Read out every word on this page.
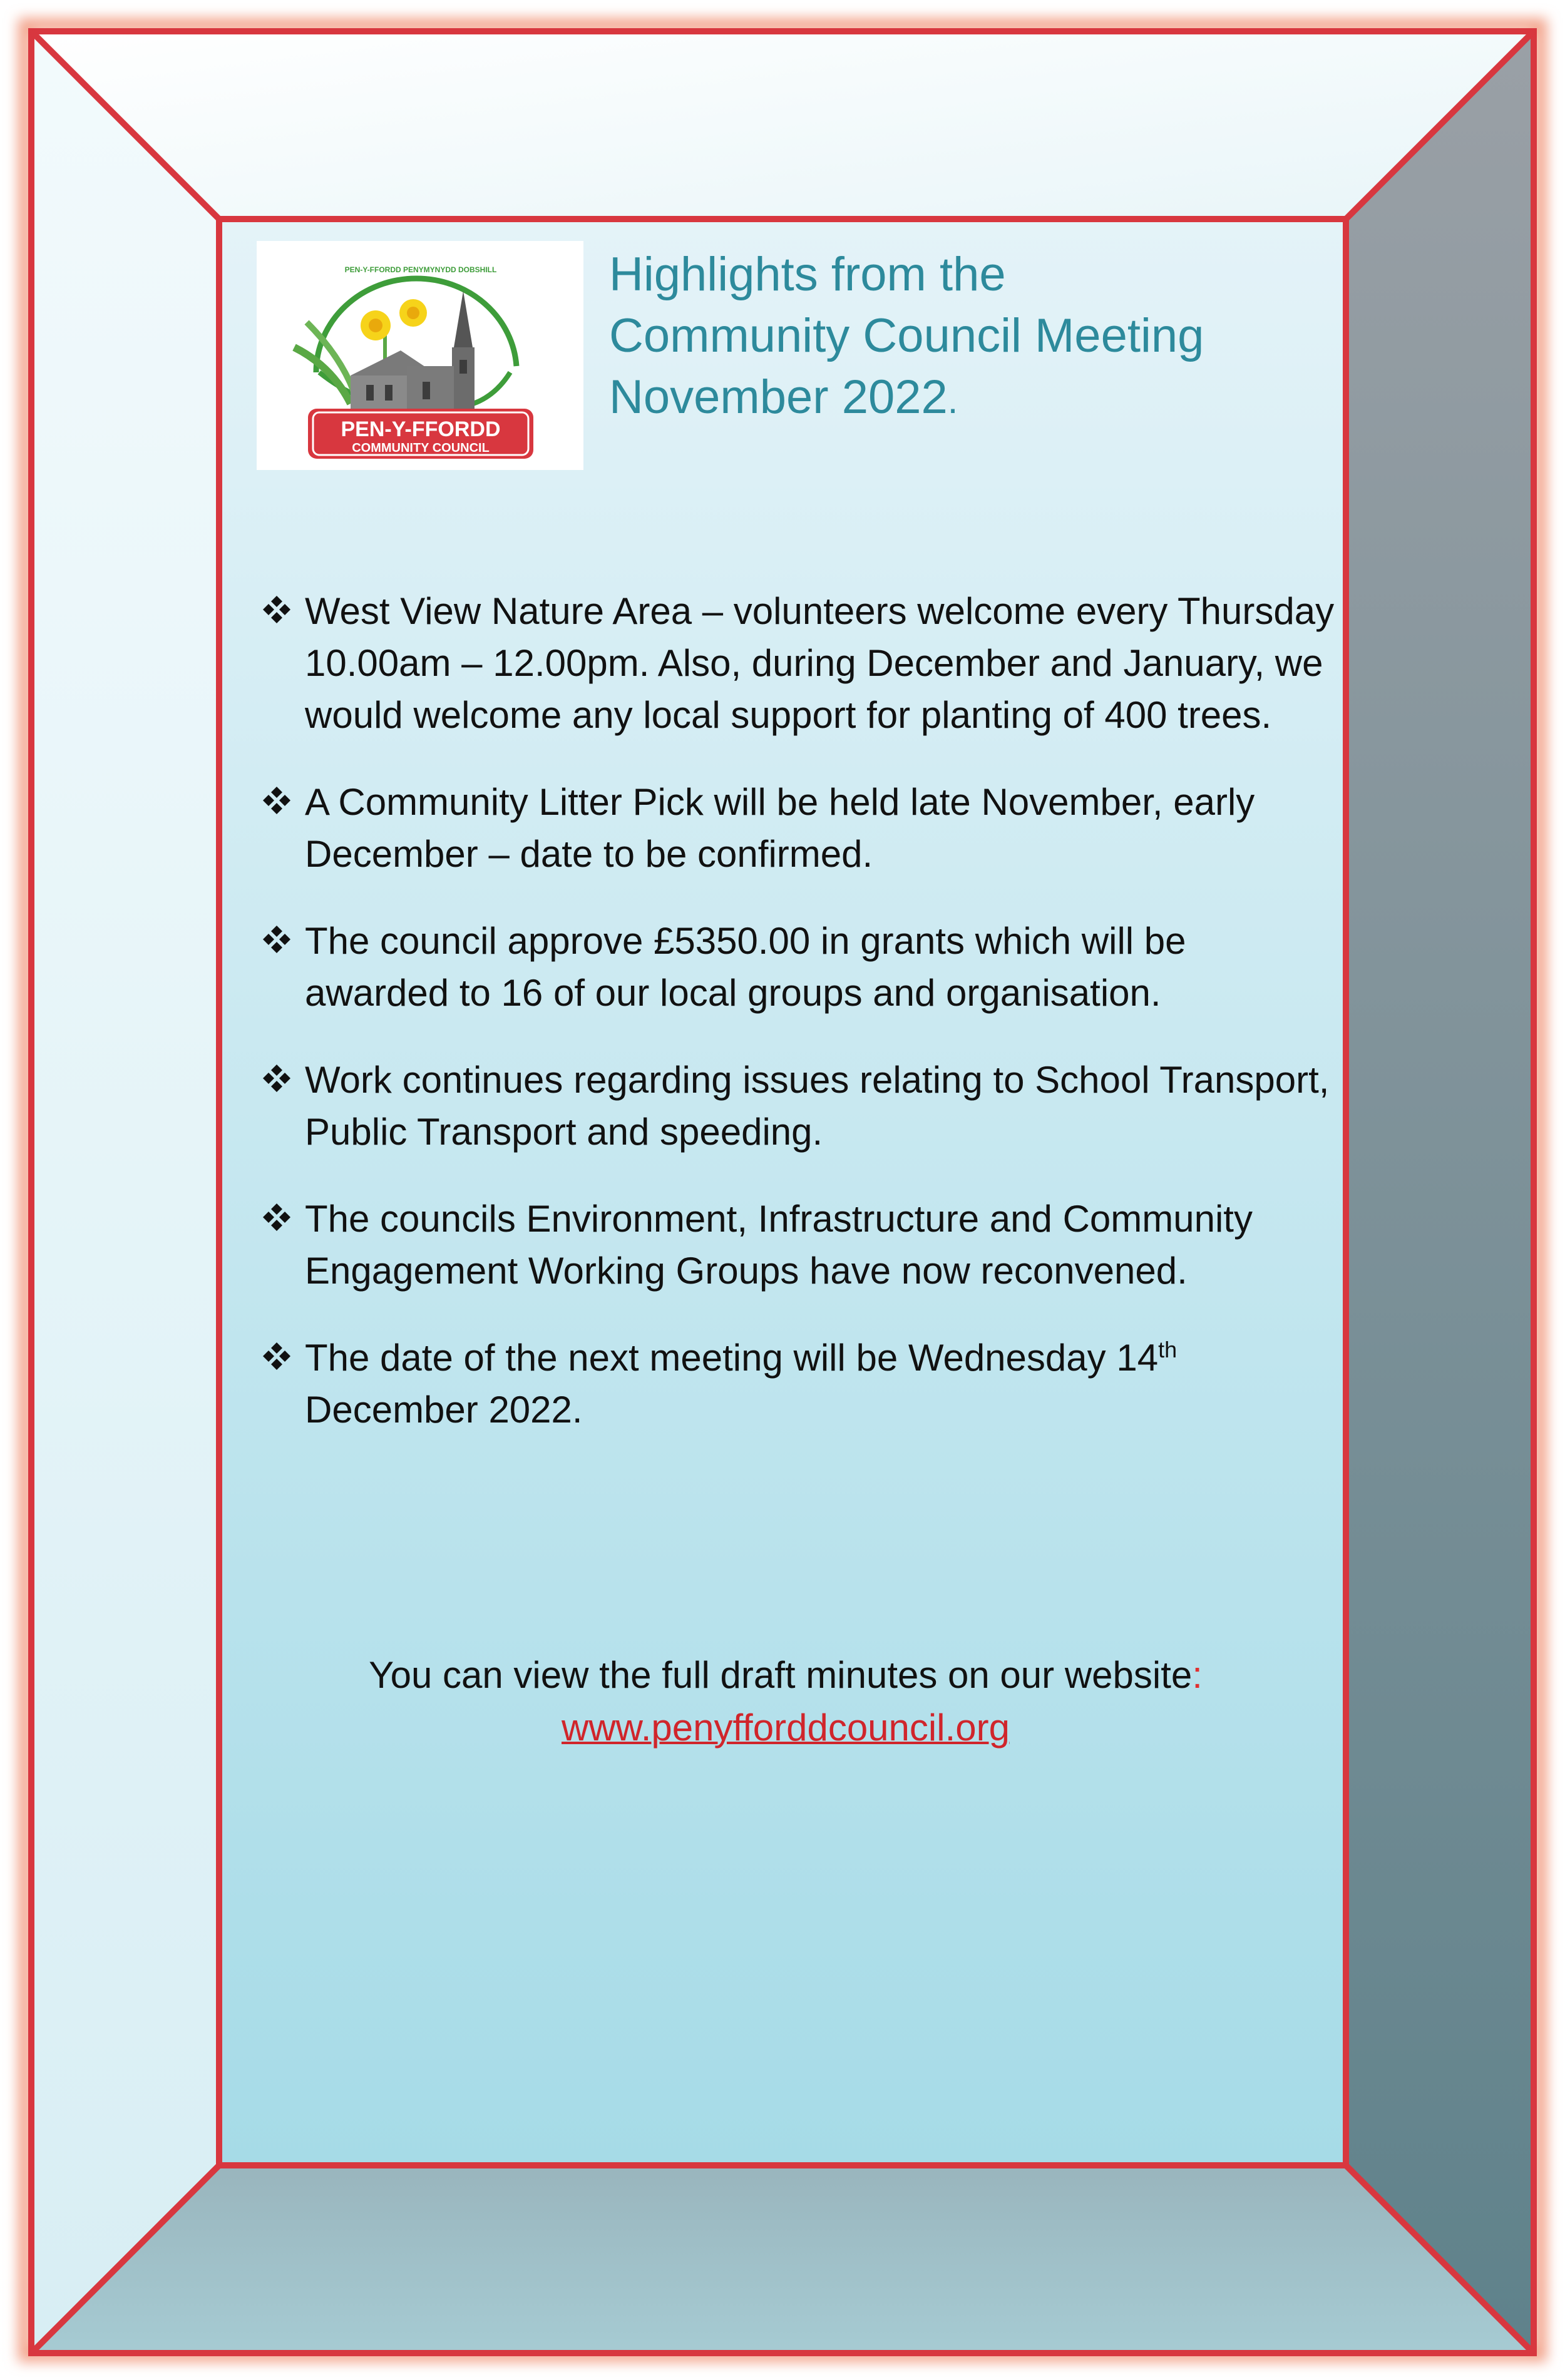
PEN-Y-FFORDD
COMMUNITY COUNCIL
PEN-Y-FFORDD PENYMYNYDD DOBSHILL Highlights from the
Community Council Meeting
November 2022.
West View Nature Area – volunteers welcome every Thursday 10.00am – 12.00pm. Also, during December and January, we would welcome any local support for planting of 400 trees.
A Community Litter Pick will be held late November, early December – date to be confirmed.
The council approve £5350.00 in grants which will be awarded to 16 of our local groups and organisation.
Work continues regarding issues relating to School Transport, Public Transport and speeding.
The councils Environment, Infrastructure and Community Engagement Working Groups have now reconvened.
The date of the next meeting will be Wednesday 14th December 2022.
You can view the full draft minutes on our website:
www.penyfforddcouncil.org
